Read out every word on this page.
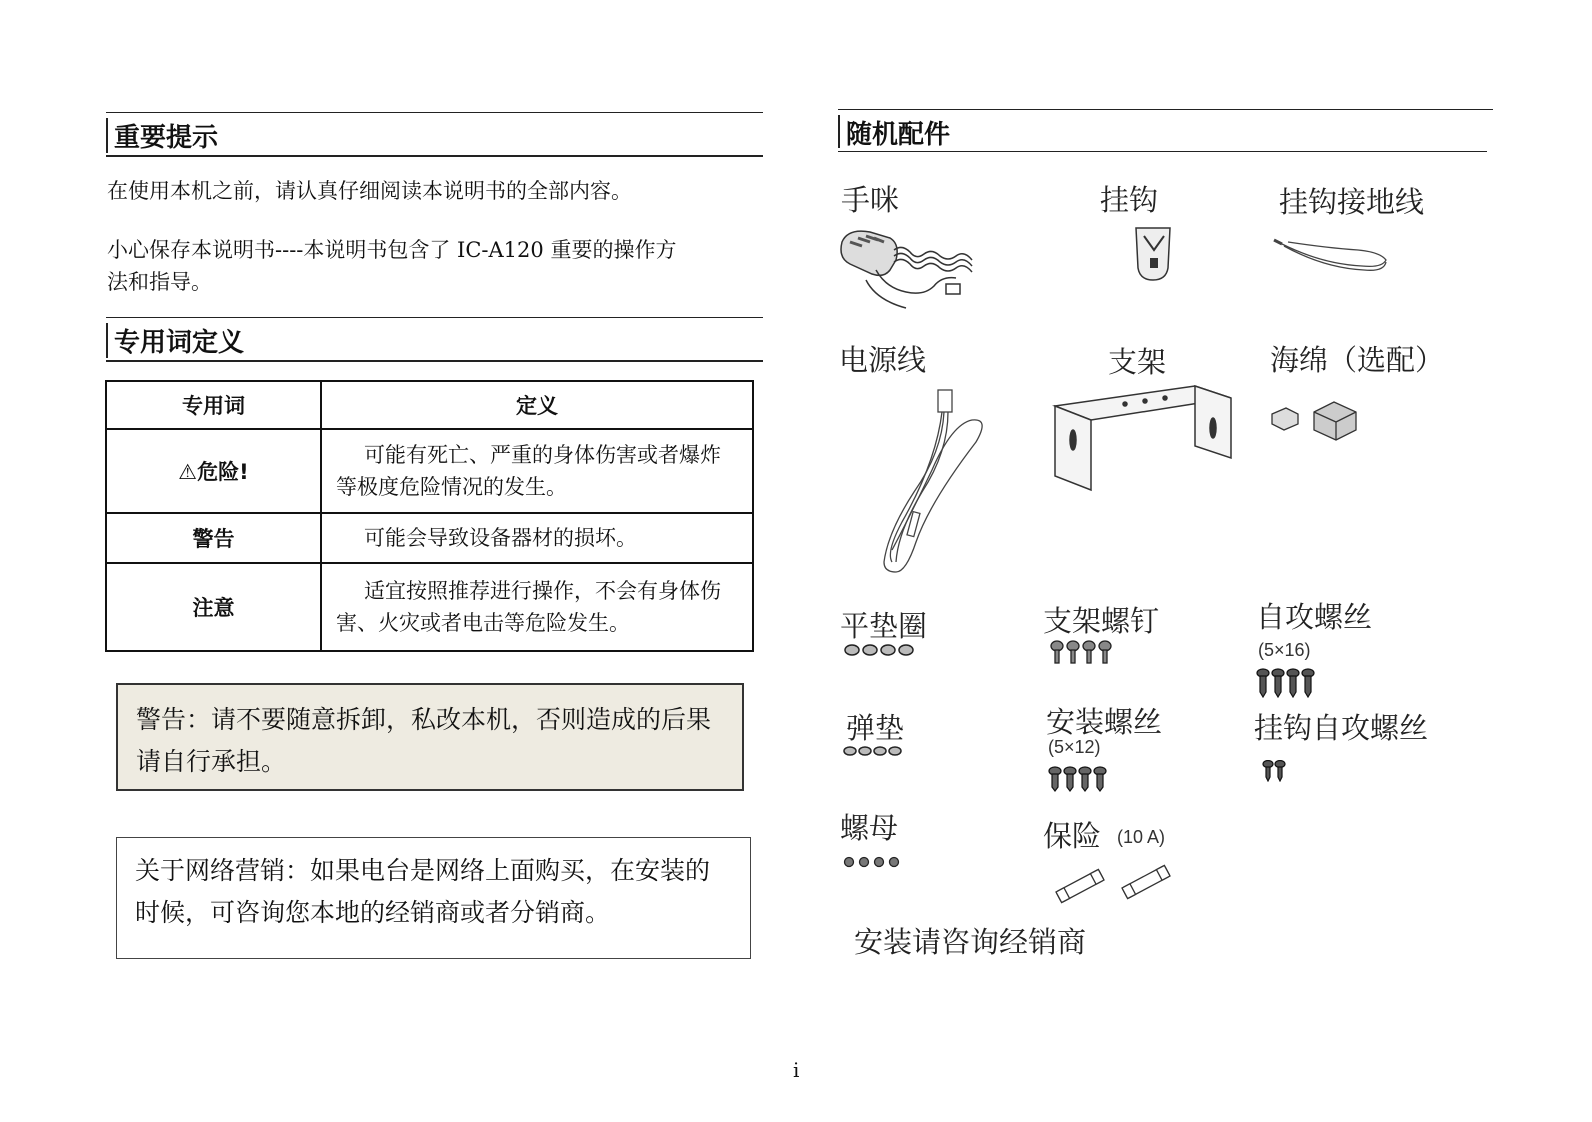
重要提示
在使用本机之前，请认真仔细阅读本说明书的全部内容。
小心保存本说明书----本说明书包含了 IC-A120 重要的操作方
法和指导。
专用词定义
专用词	定义
⚠危险!	可能有死亡、严重的身体伤害或者爆炸等极度危险情况的发生。
警告	可能会导致设备器材的损坏。
注意	适宜按照推荐进行操作，不会有身体伤害、火灾或者电击等危险发生。
警告：请不要随意拆卸，私改本机，否则造成的后果请自行承担。
关于网络营销：如果电台是网络上面购买，在安装的时候，可咨询您本地的经销商或者分销商。
随机配件
手咪	挂钩	挂钩接地线
电源线	支架	海绵（选配）
平垫圈	支架螺钉	自攻螺丝
(5×16)
弹垫	安装螺丝
(5×12)
挂钩自攻螺丝
螺母	保险 (10 A)
安装请咨询经销商
i
